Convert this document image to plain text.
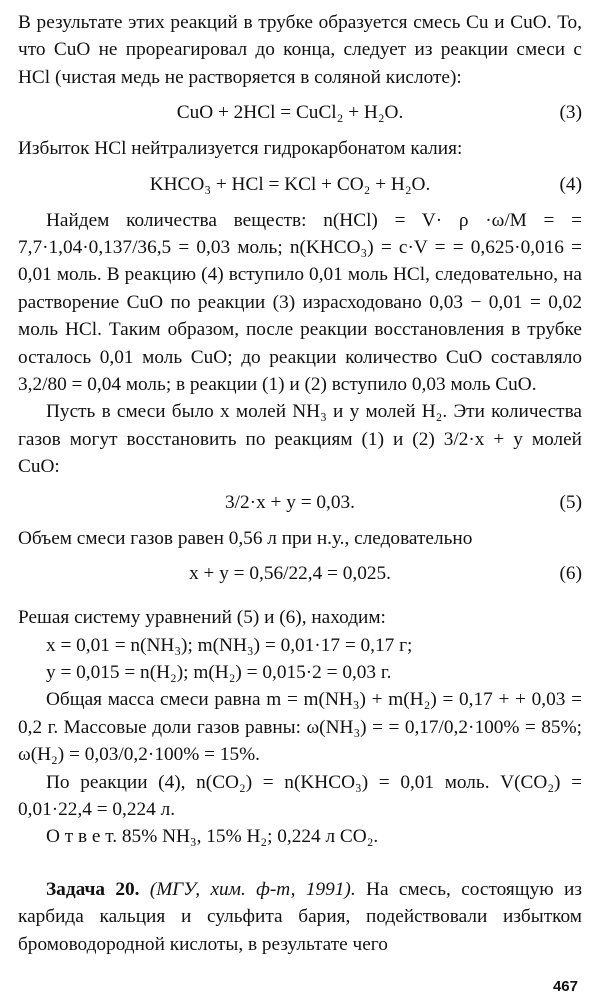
В результате этих реакций в трубке образуется смесь Cu и CuO. То, что CuO не прореагировал до конца, следует из реакции смеси с HCl (чистая медь не растворяется в соляной кислоте):

CuO + 2HCl = CuCl₂ + H₂O.	(3)

Избыток HCl нейтрализуется гидрокарбонатом калия:

KHCO₃ + HCl = KCl + CO₂ + H₂O.	(4)

Найдем количества веществ: n(HCl) = V· ρ ·ω/M = = 7,7·1,04·0,137/36,5 = 0,03 моль; n(KHCO₃) = c·V = = 0,625·0,016 = 0,01 моль. В реакцию (4) вступило 0,01 моль HCl, следовательно, на растворение CuO по реакции (3) израсходовано 0,03 − 0,01 = 0,02 моль HCl. Таким образом, после реакции восстановления в трубке осталось 0,01 моль CuO; до реакции количество CuO составляло 3,2/80 = 0,04 моль; в реакции (1) и (2) вступило 0,03 моль CuO.

Пусть в смеси было x молей NH₃ и y молей H₂. Эти количества газов могут восстановить по реакциям (1) и (2) 3/2·x + y молей CuO:

3/2·x + y = 0,03.	(5)

Объем смеси газов равен 0,56 л при н.у., следовательно

x + y = 0,56/22,4 = 0,025.	(6)

Решая систему уравнений (5) и (6), находим:

x = 0,01 = n(NH₃); m(NH₃) = 0,01·17 = 0,17 г;

y = 0,015 = n(H₂); m(H₂) = 0,015·2 = 0,03 г.

Общая масса смеси равна m = m(NH₃) + m(H₂) = 0,17 + + 0,03 = 0,2 г. Массовые доли газов равны: ω(NH₃) = = 0,17/0,2·100% = 85%; ω(H₂) = 0,03/0,2·100% = 15%.

По реакции (4), n(CO₂) = n(KHCO₃) = 0,01 моль. V(CO₂) = 0,01·22,4 = 0,224 л.

О т в е т. 85% NH₃, 15% H₂; 0,224 л CO₂.

Задача 20. (МГУ, хим. ф-т, 1991). На смесь, состоящую из карбида кальция и сульфита бария, подействовали избытком бромоводородной кислоты, в результате чего

467
